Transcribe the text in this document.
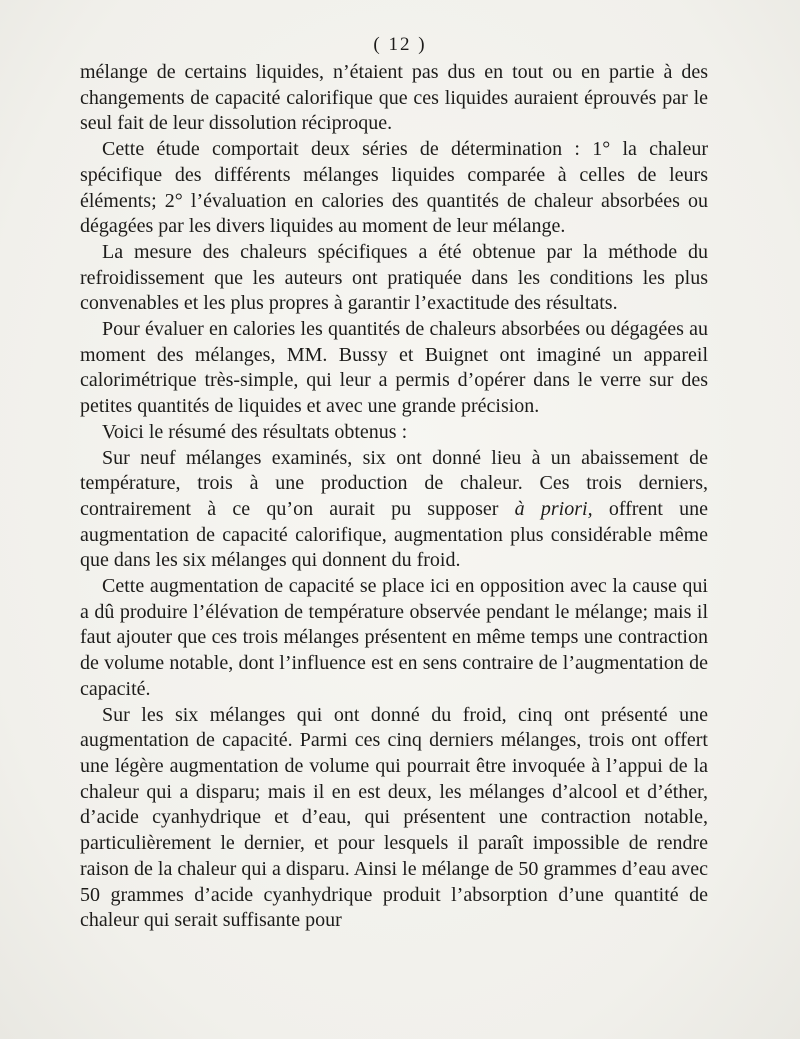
( 12 )

mélange de certains liquides, n’étaient pas dus en tout ou en partie à des changements de capacité calorifique que ces liquides auraient éprouvés par le seul fait de leur dissolution réciproque.

Cette étude comportait deux séries de détermination : 1° la chaleur spécifique des différents mélanges liquides comparée à celles de leurs éléments; 2° l’évaluation en calories des quantités de chaleur absorbées ou dégagées par les divers liquides au moment de leur mélange.

La mesure des chaleurs spécifiques a été obtenue par la méthode du refroidissement que les auteurs ont pratiquée dans les conditions les plus convenables et les plus propres à garantir l’exactitude des résultats.

Pour évaluer en calories les quantités de chaleurs absorbées ou dégagées au moment des mélanges, MM. Bussy et Buignet ont imaginé un appareil calorimétrique très-simple, qui leur a permis d’opérer dans le verre sur des petites quantités de liquides et avec une grande précision.

Voici le résumé des résultats obtenus :

Sur neuf mélanges examinés, six ont donné lieu à un abaissement de température, trois à une production de chaleur. Ces trois derniers, contrairement à ce qu’on aurait pu supposer à priori, offrent une augmentation de capacité calorifique, augmentation plus considérable même que dans les six mélanges qui donnent du froid.

Cette augmentation de capacité se place ici en opposition avec la cause qui a dû produire l’élévation de température observée pendant le mélange; mais il faut ajouter que ces trois mélanges présentent en même temps une contraction de volume notable, dont l’influence est en sens contraire de l’augmentation de capacité.

Sur les six mélanges qui ont donné du froid, cinq ont présenté une augmentation de capacité. Parmi ces cinq derniers mélanges, trois ont offert une légère augmentation de volume qui pourrait être invoquée à l’appui de la chaleur qui a disparu; mais il en est deux, les mélanges d’alcool et d’éther, d’acide cyanhydrique et d’eau, qui présentent une contraction notable, particulièrement le dernier, et pour lesquels il paraît impossible de rendre raison de la chaleur qui a disparu. Ainsi le mélange de 50 grammes d’eau avec 50 grammes d’acide cyanhydrique produit l’absorption d’une quantité de chaleur qui serait suffisante pour
